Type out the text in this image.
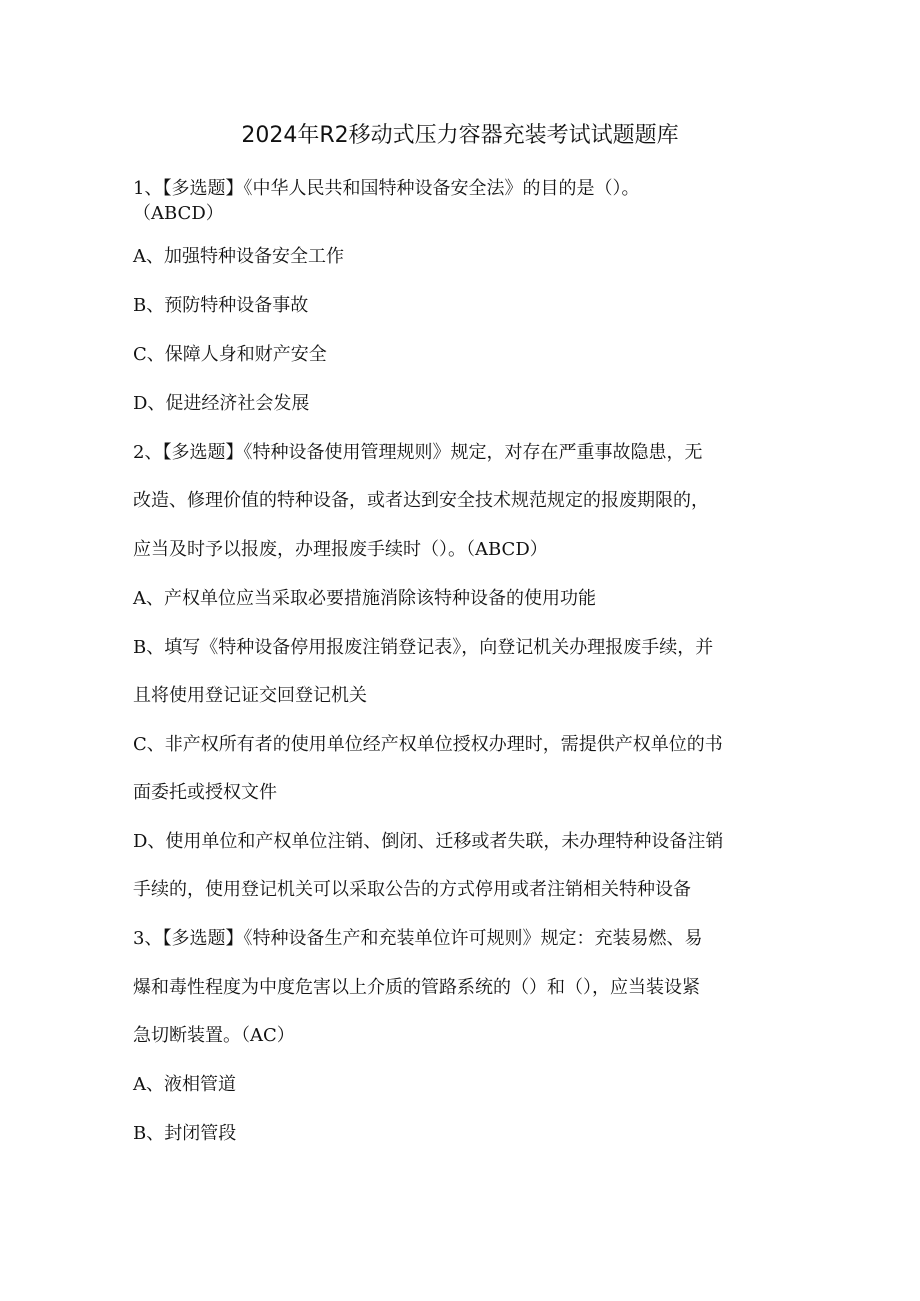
2024年R2移动式压力容器充装考试试题题库
1、【多选题】《中华人民共和国特种设备安全法》的目的是（）。
（ABCD）
A、加强特种设备安全工作
B、预防特种设备事故
C、保障人身和财产安全
D、促进经济社会发展
2、【多选题】《特种设备使用管理规则》规定，对存在严重事故隐患，无
改造、修理价值的特种设备，或者达到安全技术规范规定的报废期限的，
应当及时予以报废，办理报废手续时（）。（ABCD）
A、产权单位应当采取必要措施消除该特种设备的使用功能
B、填写《特种设备停用报废注销登记表》，向登记机关办理报废手续，并
且将使用登记证交回登记机关
C、非产权所有者的使用单位经产权单位授权办理时，需提供产权单位的书
面委托或授权文件
D、使用单位和产权单位注销、倒闭、迁移或者失联，未办理特种设备注销
手续的，使用登记机关可以采取公告的方式停用或者注销相关特种设备
3、【多选题】《特种设备生产和充装单位许可规则》规定：充装易燃、易
爆和毒性程度为中度危害以上介质的管路系统的（）和（），应当装设紧
急切断装置。（AC）
A、液相管道
B、封闭管段
